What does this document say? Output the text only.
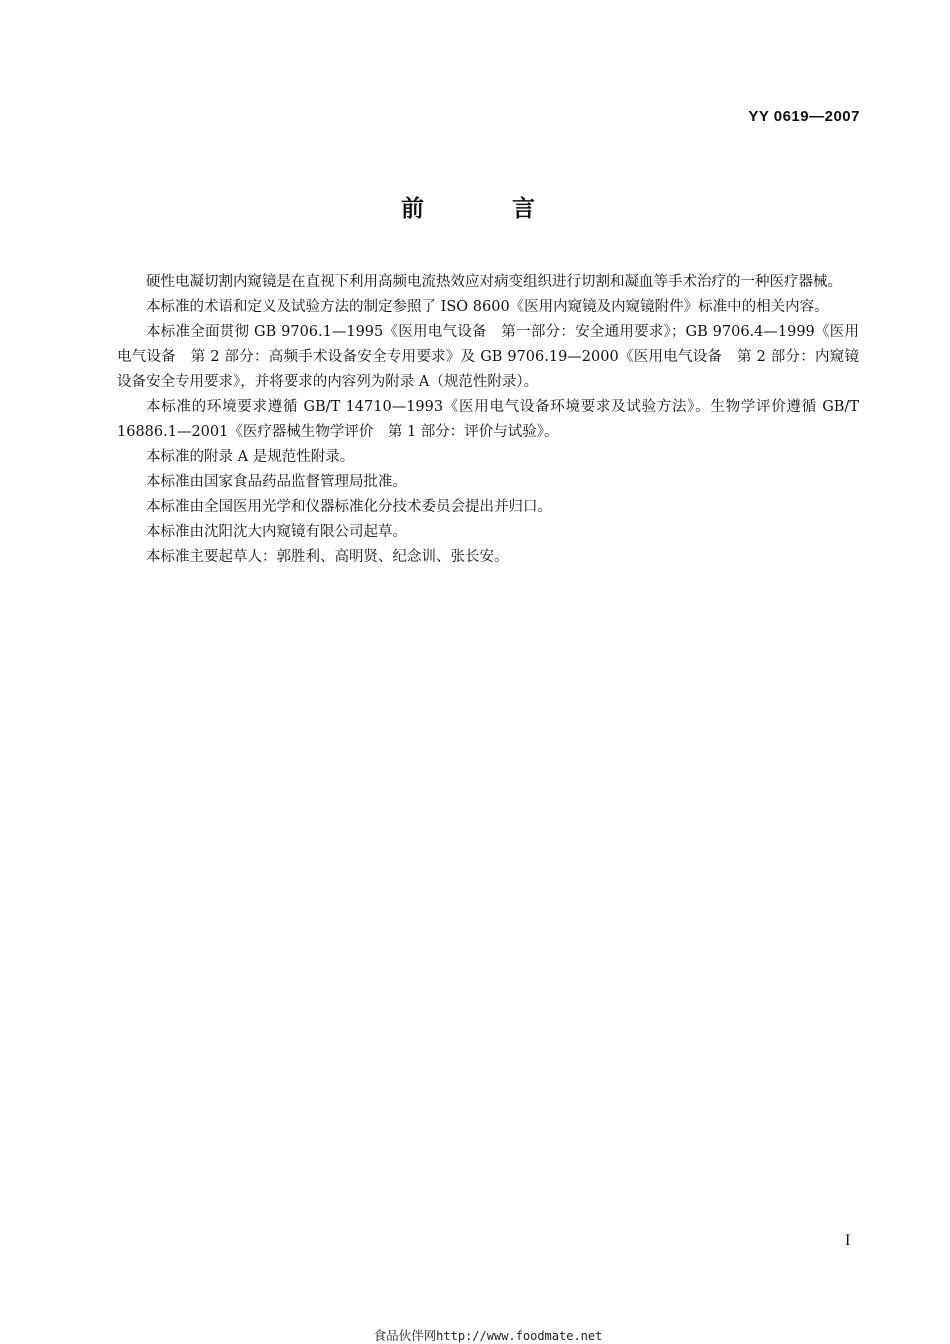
YY 0619—2007
前 言

硬性电凝切割内窥镜是在直视下利用高频电流热效应对病变组织进行切割和凝血等手术治疗的一种医疗器械。

本标准的术语和定义及试验方法的制定参照了 ISO 8600《医用内窥镜及内窥镜附件》标准中的相关内容。

本标准全面贯彻 GB 9706.1—1995《医用电气设备　第一部分：安全通用要求》；GB 9706.4—1999《医用电气设备　第 2 部分：高频手术设备安全专用要求》及 GB 9706.19—2000《医用电气设备　第 2 部分：内窥镜设备安全专用要求》，并将要求的内容列为附录 A（规范性附录）。

本标准的环境要求遵循 GB/T 14710—1993《医用电气设备环境要求及试验方法》。生物学评价遵循 GB/T 16886.1—2001《医疗器械生物学评价　第 1 部分：评价与试验》。

本标准的附录 A 是规范性附录。

本标准由国家食品药品监督管理局批准。

本标准由全国医用光学和仪器标准化分技术委员会提出并归口。

本标准由沈阳沈大内窥镜有限公司起草。

本标准主要起草人：郭胜利、高明贤、纪念训、张长安。

I
食品伙伴网http://www.foodmate.net
